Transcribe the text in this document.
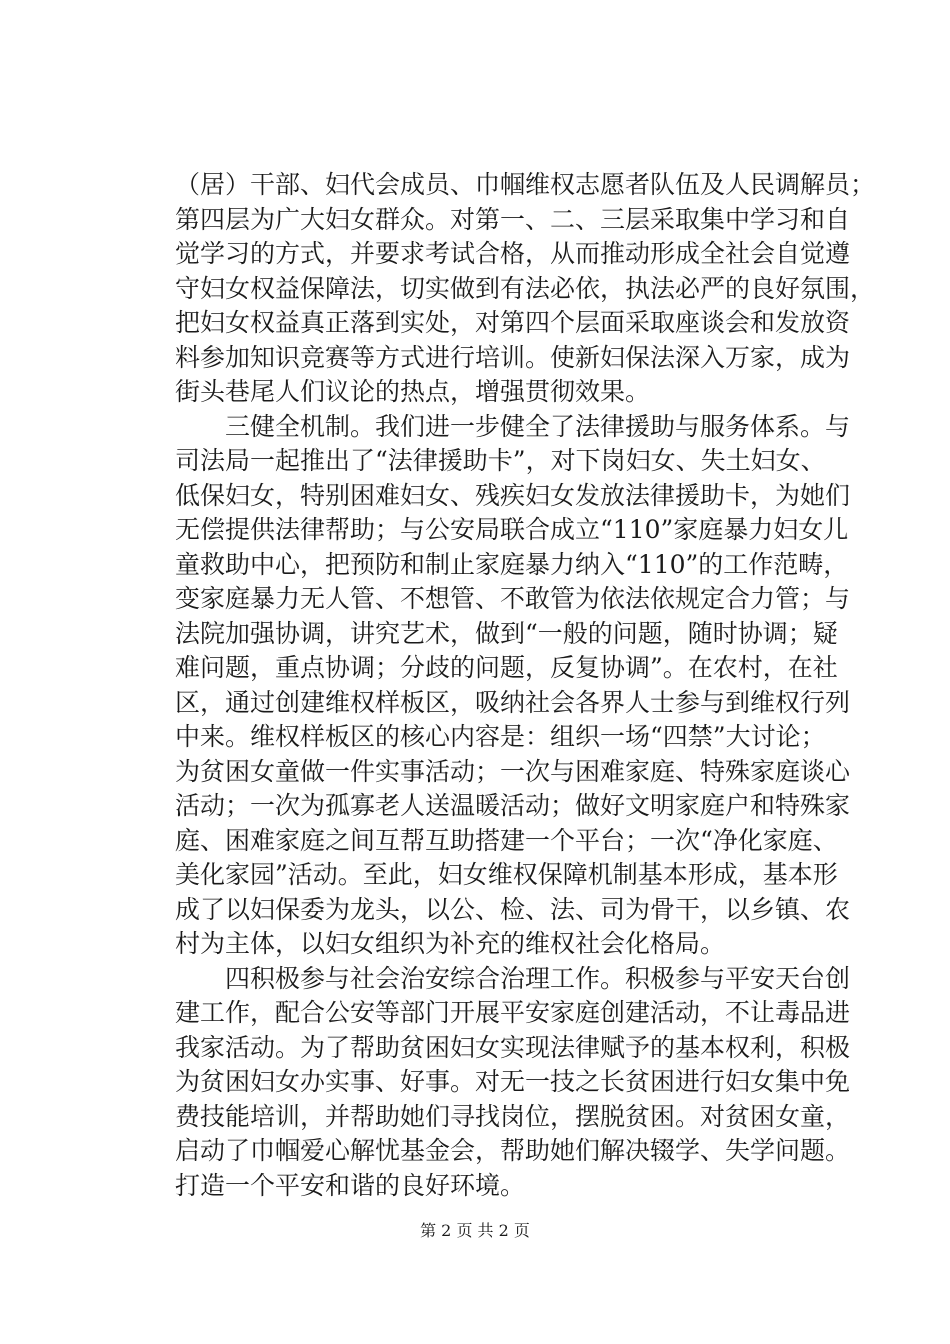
（居）干部、妇代会成员、巾帼维权志愿者队伍及人民调解员；
第四层为广大妇女群众。对第一、二、三层采取集中学习和自
觉学习的方式，并要求考试合格，从而推动形成全社会自觉遵
守妇女权益保障法，切实做到有法必依，执法必严的良好氛围，
把妇女权益真正落到实处，对第四个层面采取座谈会和发放资
料参加知识竞赛等方式进行培训。使新妇保法深入万家，成为
街头巷尾人们议论的热点，增强贯彻效果。
三健全机制。我们进一步健全了法律援助与服务体系。与
司法局一起推出了“法律援助卡”，对下岗妇女、失土妇女、
低保妇女，特别困难妇女、残疾妇女发放法律援助卡，为她们
无偿提供法律帮助；与公安局联合成立“110”家庭暴力妇女儿
童救助中心，把预防和制止家庭暴力纳入“110”的工作范畴，
变家庭暴力无人管、不想管、不敢管为依法依规定合力管；与
法院加强协调，讲究艺术，做到“一般的问题，随时协调；疑
难问题，重点协调；分歧的问题，反复协调”。在农村，在社
区，通过创建维权样板区，吸纳社会各界人士参与到维权行列
中来。维权样板区的核心内容是：组织一场“四禁”大讨论；
为贫困女童做一件实事活动；一次与困难家庭、特殊家庭谈心
活动；一次为孤寡老人送温暖活动；做好文明家庭户和特殊家
庭、困难家庭之间互帮互助搭建一个平台；一次“净化家庭、
美化家园”活动。至此，妇女维权保障机制基本形成，基本形
成了以妇保委为龙头，以公、检、法、司为骨干，以乡镇、农
村为主体，以妇女组织为补充的维权社会化格局。
四积极参与社会治安综合治理工作。积极参与平安天台创
建工作，配合公安等部门开展平安家庭创建活动，不让毒品进
我家活动。为了帮助贫困妇女实现法律赋予的基本权利，积极
为贫困妇女办实事、好事。对无一技之长贫困进行妇女集中免
费技能培训，并帮助她们寻找岗位，摆脱贫困。对贫困女童，
启动了巾帼爱心解忧基金会，帮助她们解决辍学、失学问题。
打造一个平安和谐的良好环境。
第 2 页 共 2 页
